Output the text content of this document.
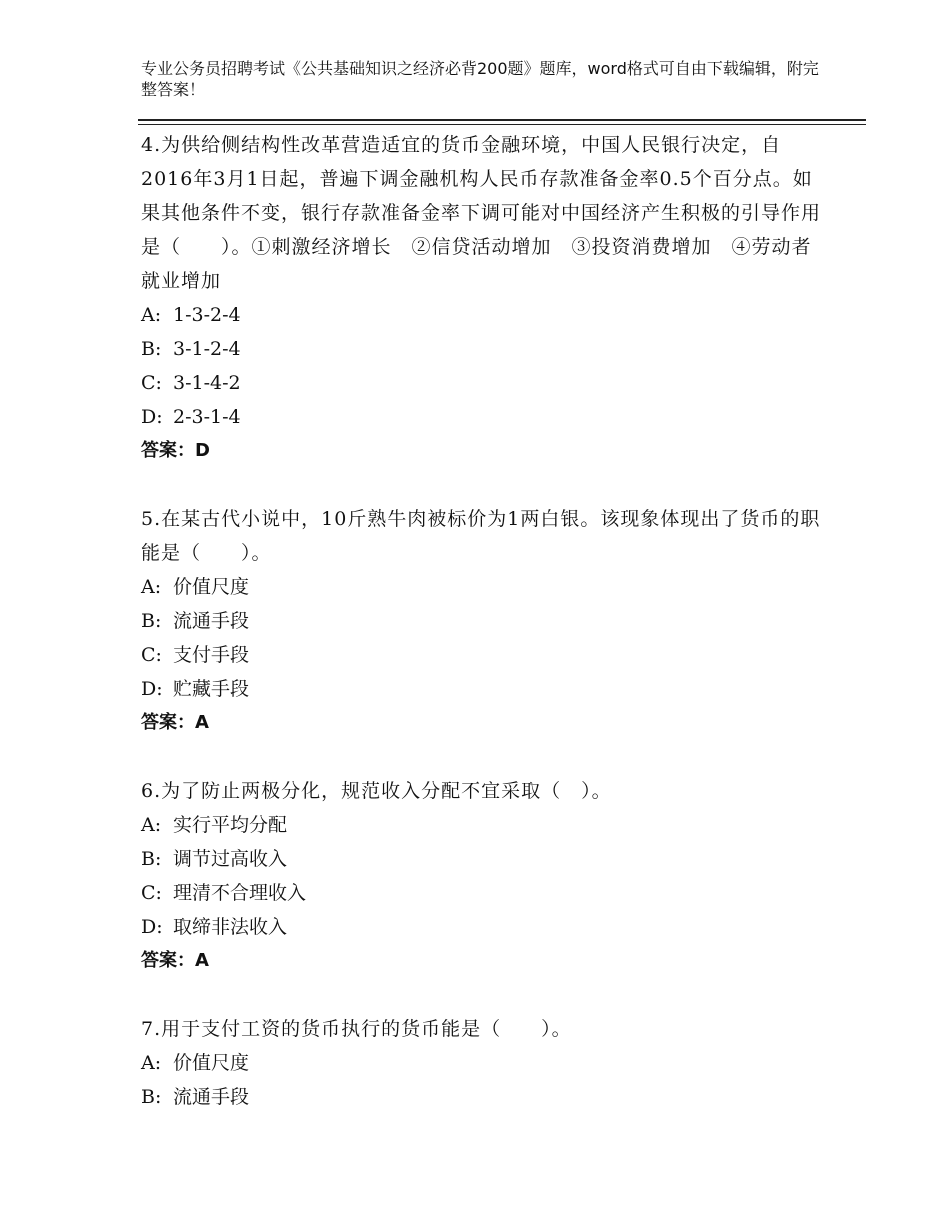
专业公务员招聘考试《公共基础知识之经济必背200题》题库，word格式可自由下载编辑，附完整答案！

4.为供给侧结构性改革营造适宜的货币金融环境，中国人民银行决定，自2016年3月1日起，普遍下调金融机构人民币存款准备金率0.5个百分点。如果其他条件不变，银行存款准备金率下调可能对中国经济产生积极的引导作用是（　　）。①刺激经济增长　②信贷活动增加　③投资消费增加　④劳动者就业增加

A: 1-3-2-4
B: 3-1-2-4
C: 3-1-4-2
D: 2-3-1-4

答案：D

5.在某古代小说中，10斤熟牛肉被标价为1两白银。该现象体现出了货币的职能是（　　）。

A: 价值尺度
B: 流通手段
C: 支付手段
D: 贮藏手段

答案：A

6.为了防止两极分化，规范收入分配不宜采取（　）。

A: 实行平均分配
B: 调节过高收入
C: 理清不合理收入
D: 取缔非法收入

答案：A

7.用于支付工资的货币执行的货币能是（　　）。

A: 价值尺度
B: 流通手段
